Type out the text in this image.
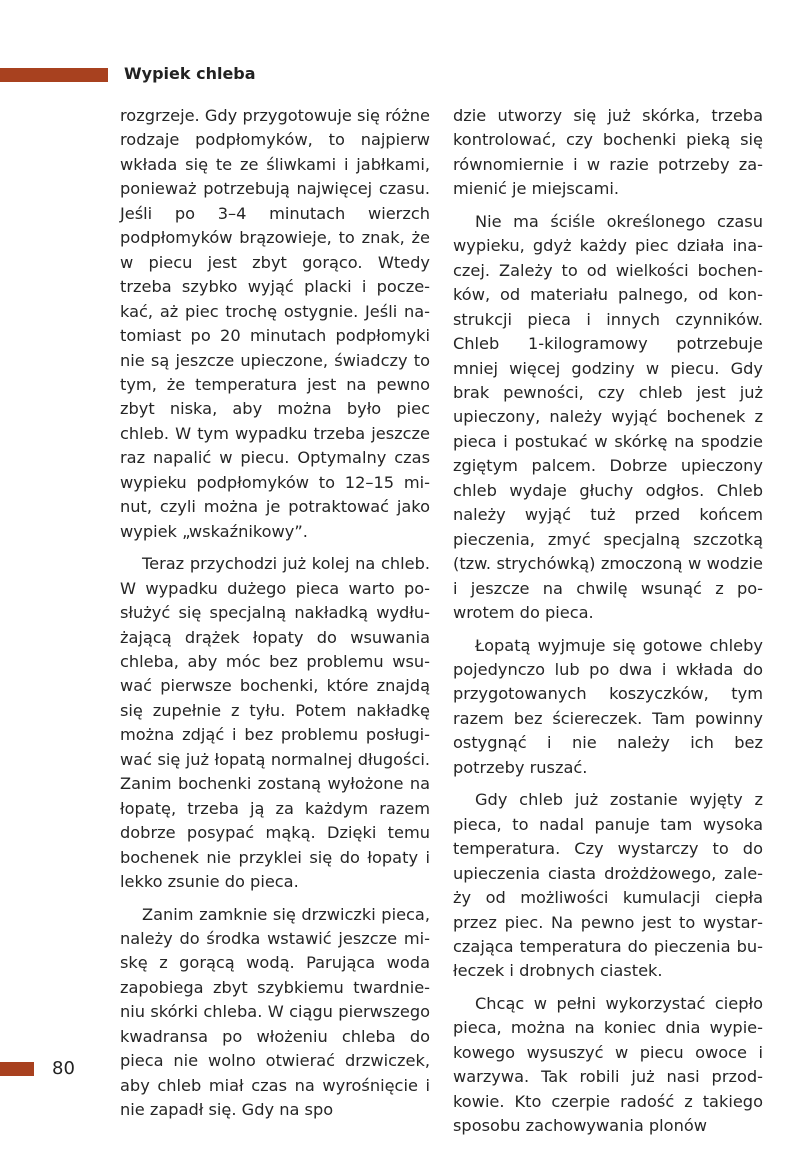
Wypiek chleba

rozgrzeje. Gdy przygotowuje się różne rodzaje podpłomyków, to najpierw wkłada się te ze śliwkami i jabłkami, ponieważ potrzebują najwięcej czasu. Jeśli po 3–4 minutach wierzch podpłomyków brązowieje, to znak, że w piecu jest zbyt gorąco. Wtedy trzeba szybko wyjąć placki i poczekać, aż piec trochę ostygnie. Jeśli natomiast po 20 minutach podpłomyki nie są jeszcze upieczone, świadczy to tym, że temperatura jest na pewno zbyt niska, aby można było piec chleb. W tym wypadku trzeba jeszcze raz napalić w piecu. Optymalny czas wypieku podpłomyków to 12–15 minut, czyli można je potraktować jako wypiek „wskaźnikowy”.

Teraz przychodzi już kolej na chleb. W wypadku dużego pieca warto posłużyć się specjalną nakładką wydłużającą drążek łopaty do wsuwania chleba, aby móc bez problemu wsuwać pierwsze bochenki, które znajdą się zupełnie z tyłu. Potem nakładkę można zdjąć i bez problemu posługiwać się już łopatą normalnej długości. Zanim bochenki zostaną wyłożone na łopatę, trzeba ją za każdym razem dobrze posypać mąką. Dzięki temu bochenek nie przyklei się do łopaty i lekko zsunie do pieca.

Zanim zamknie się drzwiczki pieca, należy do środka wstawić jeszcze miskę z gorącą wodą. Parująca woda zapobiega zbyt szybkiemu twardnieniu skórki chleba. W ciągu pierwszego kwadransa po włożeniu chleba do pieca nie wolno otwierać drzwiczek, aby chleb miał czas na wyrośnięcie i nie zapadł się. Gdy na spo

dzie utworzy się już skórka, trzeba kontrolować, czy bochenki pieką się równomiernie i w razie potrzeby zamienić je miejscami.

Nie ma ściśle określonego czasu wypieku, gdyż każdy piec działa inaczej. Zależy to od wielkości bochenków, od materiału palnego, od konstrukcji pieca i innych czynników. Chleb 1-kilogramowy potrzebuje mniej więcej godziny w piecu. Gdy brak pewności, czy chleb jest już upieczony, należy wyjąć bochenek z pieca i postukać w skórkę na spodzie zgiętym palcem. Dobrze upieczony chleb wydaje głuchy odgłos. Chleb należy wyjąć tuż przed końcem pieczenia, zmyć specjalną szczotką (tzw. strychówką) zmoczoną w wodzie i jeszcze na chwilę wsunąć z powrotem do pieca.

Łopatą wyjmuje się gotowe chleby pojedynczo lub po dwa i wkłada do przygotowanych koszyczków, tym razem bez ściereczek. Tam powinny ostygnąć i nie należy ich bez potrzeby ruszać.

Gdy chleb już zostanie wyjęty z pieca, to nadal panuje tam wysoka temperatura. Czy wystarczy to do upieczenia ciasta drożdżowego, zależy od możliwości kumulacji ciepła przez piec. Na pewno jest to wystarczająca temperatura do pieczenia bułeczek i drobnych ciastek.

Chcąc w pełni wykorzystać ciepło pieca, można na koniec dnia wypiekowego wysuszyć w piecu owoce i warzywa. Tak robili już nasi przodkowie. Kto czerpie radość z takiego sposobu zachowywania plonów

80
